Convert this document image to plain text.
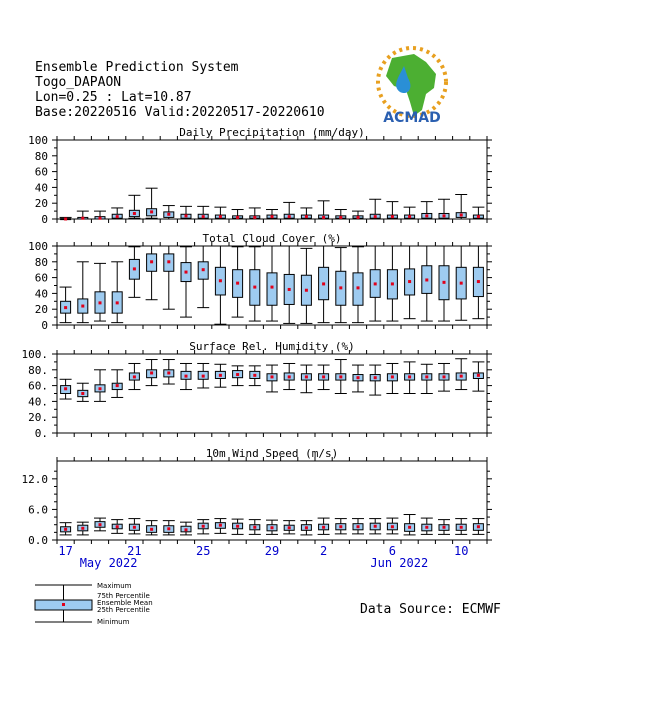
Ensemble Prediction System
Togo_DAPAON
Lon=0.25 : Lat=10.87
Base:20220516 Valid:20220517-20220610	ACMAD
Daily Precipitation (mm/day)
0
20
40
60
80
100
Total Cloud Cover (%)
0
20
40
60
80
100
Surface Rel. Humidity (%)
0.
20.
40.
60.
80.
100.
10m Wind Speed (m/s)
0.0
6.0
12.0
17	21	25	29	2	6	10
May 2022	Jun 2022
Maximum
75th Percentile
Ensemble Mean
25th Percentile
Minimum
Data Source: ECMWF
